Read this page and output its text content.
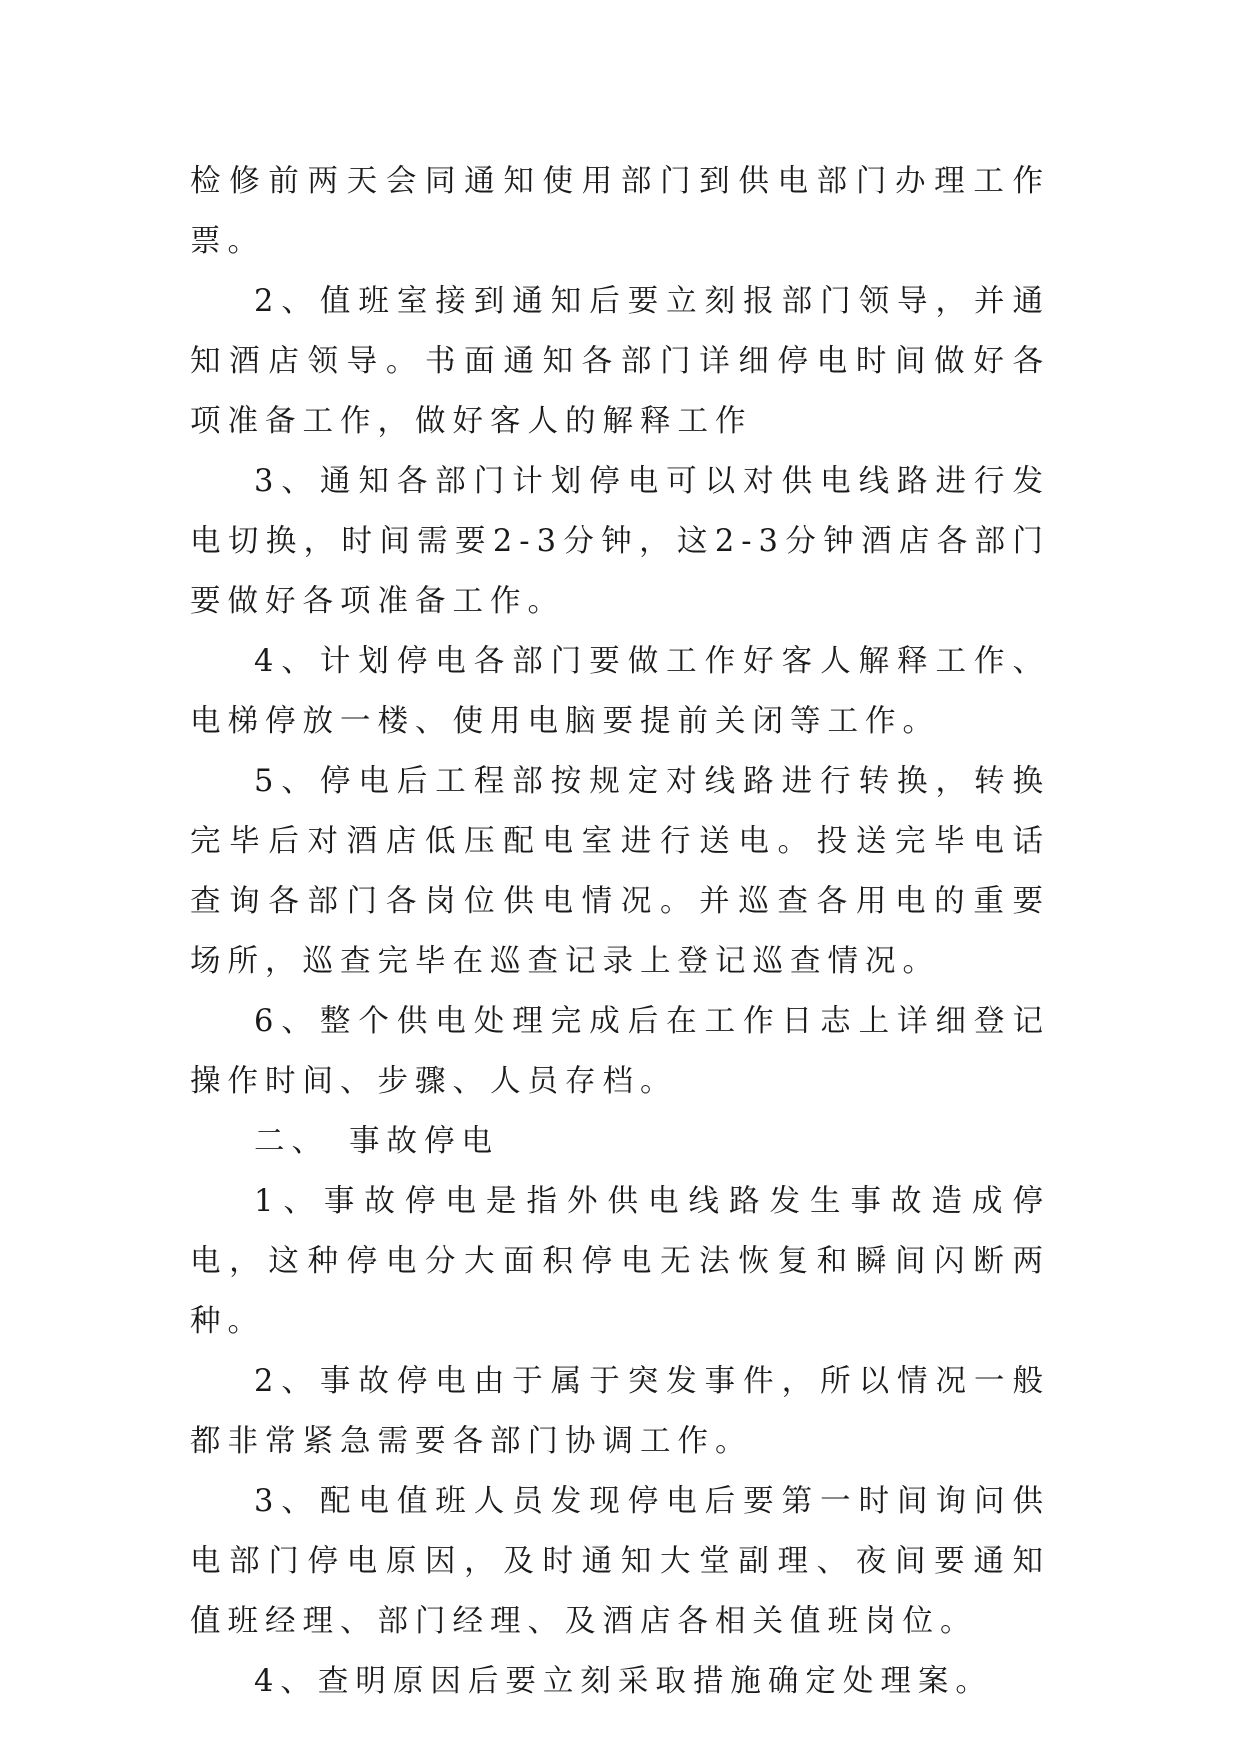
检修前两天会同通知使用部门到供电部门办理工作票。

2、值班室接到通知后要立刻报部门领导，并通知酒店领导。书面通知各部门详细停电时间做好各项准备工作，做好客人的解释工作

3、通知各部门计划停电可以对供电线路进行发电切换，时间需要2-3分钟，这2-3分钟酒店各部门要做好各项准备工作。

4、计划停电各部门要做工作好客人解释工作、电梯停放一楼、使用电脑要提前关闭等工作。

5、停电后工程部按规定对线路进行转换，转换完毕后对酒店低压配电室进行送电。投送完毕电话查询各部门各岗位供电情况。并巡查各用电的重要场所，巡查完毕在巡查记录上登记巡查情况。

6、整个供电处理完成后在工作日志上详细登记操作时间、步骤、人员存档。

二、 事故停电

1、事故停电是指外供电线路发生事故造成停电，这种停电分大面积停电无法恢复和瞬间闪断两种。

2、事故停电由于属于突发事件，所以情况一般都非常紧急需要各部门协调工作。

3、配电值班人员发现停电后要第一时间询问供电部门停电原因，及时通知大堂副理、夜间要通知值班经理、部门经理、及酒店各相关值班岗位。

4、查明原因后要立刻采取措施确定处理案。
